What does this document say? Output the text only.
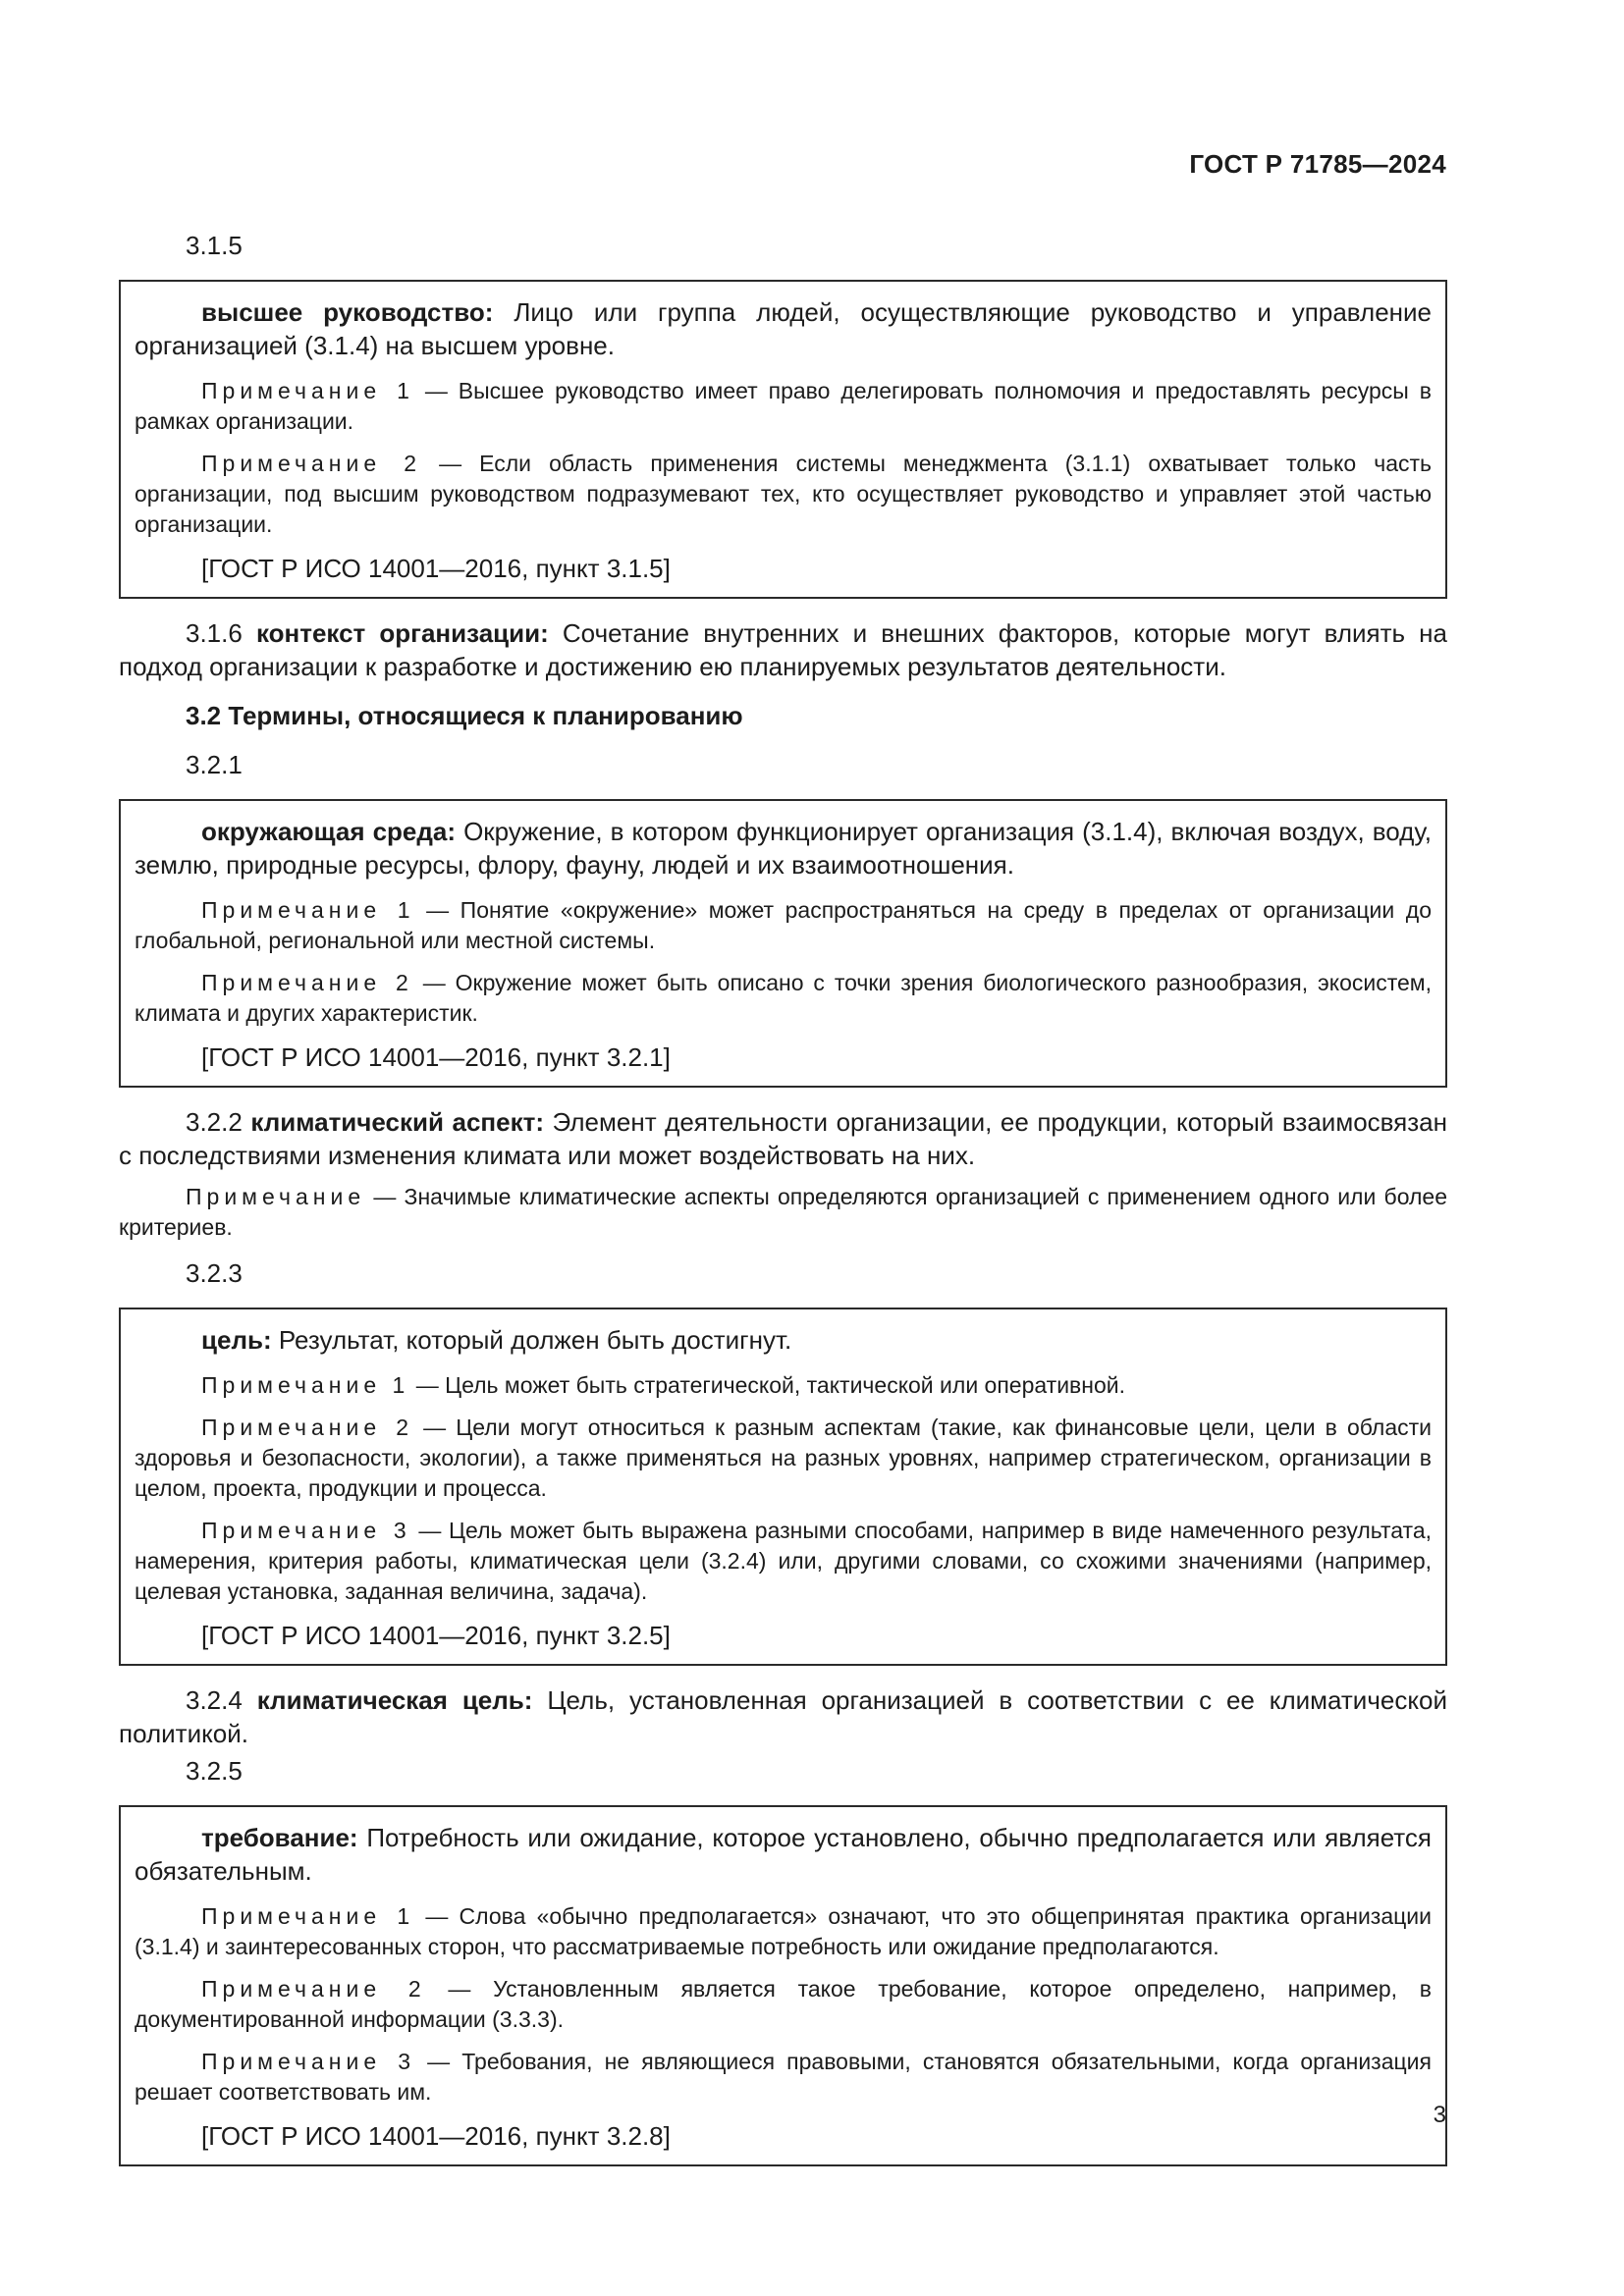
ГОСТ Р 71785—2024
3.1.5

высшее руководство: Лицо или группа людей, осуществляющие руководство и управление организацией (3.1.4) на высшем уровне.

Примечание 1 — Высшее руководство имеет право делегировать полномочия и предоставлять ресурсы в рамках организации.

Примечание 2 — Если область применения системы менеджмента (3.1.1) охватывает только часть организации, под высшим руководством подразумевают тех, кто осуществляет руководство и управляет этой частью организации.

[ГОСТ Р ИСО 14001—2016, пункт 3.1.5]

3.1.6 контекст организации: Сочетание внутренних и внешних факторов, которые могут влиять на подход организации к разработке и достижению ею планируемых результатов деятельности.

3.2 Термины, относящиеся к планированию
3.2.1

окружающая среда: Окружение, в котором функционирует организация (3.1.4), включая воздух, воду, землю, природные ресурсы, флору, фауну, людей и их взаимоотношения.

Примечание 1 — Понятие «окружение» может распространяться на среду в пределах от организации до глобальной, региональной или местной системы.

Примечание 2 — Окружение может быть описано с точки зрения биологического разнообразия, экосистем, климата и других характеристик.

[ГОСТ Р ИСО 14001—2016, пункт 3.2.1]

3.2.2 климатический аспект: Элемент деятельности организации, ее продукции, который взаимосвязан с последствиями изменения климата или может воздействовать на них.

Примечание — Значимые климатические аспекты определяются организацией с применением одного или более критериев.

3.2.3

цель: Результат, который должен быть достигнут.

Примечание 1 — Цель может быть стратегической, тактической или оперативной.

Примечание 2 — Цели могут относиться к разным аспектам (такие, как финансовые цели, цели в области здоровья и безопасности, экологии), а также применяться на разных уровнях, например стратегическом, организации в целом, проекта, продукции и процесса.

Примечание 3 — Цель может быть выражена разными способами, например в виде намеченного результата, намерения, критерия работы, климатическая цели (3.2.4) или, другими словами, со схожими значениями (например, целевая установка, заданная величина, задача).

[ГОСТ Р ИСО 14001—2016, пункт 3.2.5]

3.2.4 климатическая цель: Цель, установленная организацией в соответствии с ее климатической политикой.

3.2.5

требование: Потребность или ожидание, которое установлено, обычно предполагается или является обязательным.

Примечание 1 — Слова «обычно предполагается» означают, что это общепринятая практика организации (3.1.4) и заинтересованных сторон, что рассматриваемые потребность или ожидание предполагаются.

Примечание 2 — Установленным является такое требование, которое определено, например, в документированной информации (3.3.3).

Примечание 3 — Требования, не являющиеся правовыми, становятся обязательными, когда организация решает соответствовать им.

[ГОСТ Р ИСО 14001—2016, пункт 3.2.8]

3
